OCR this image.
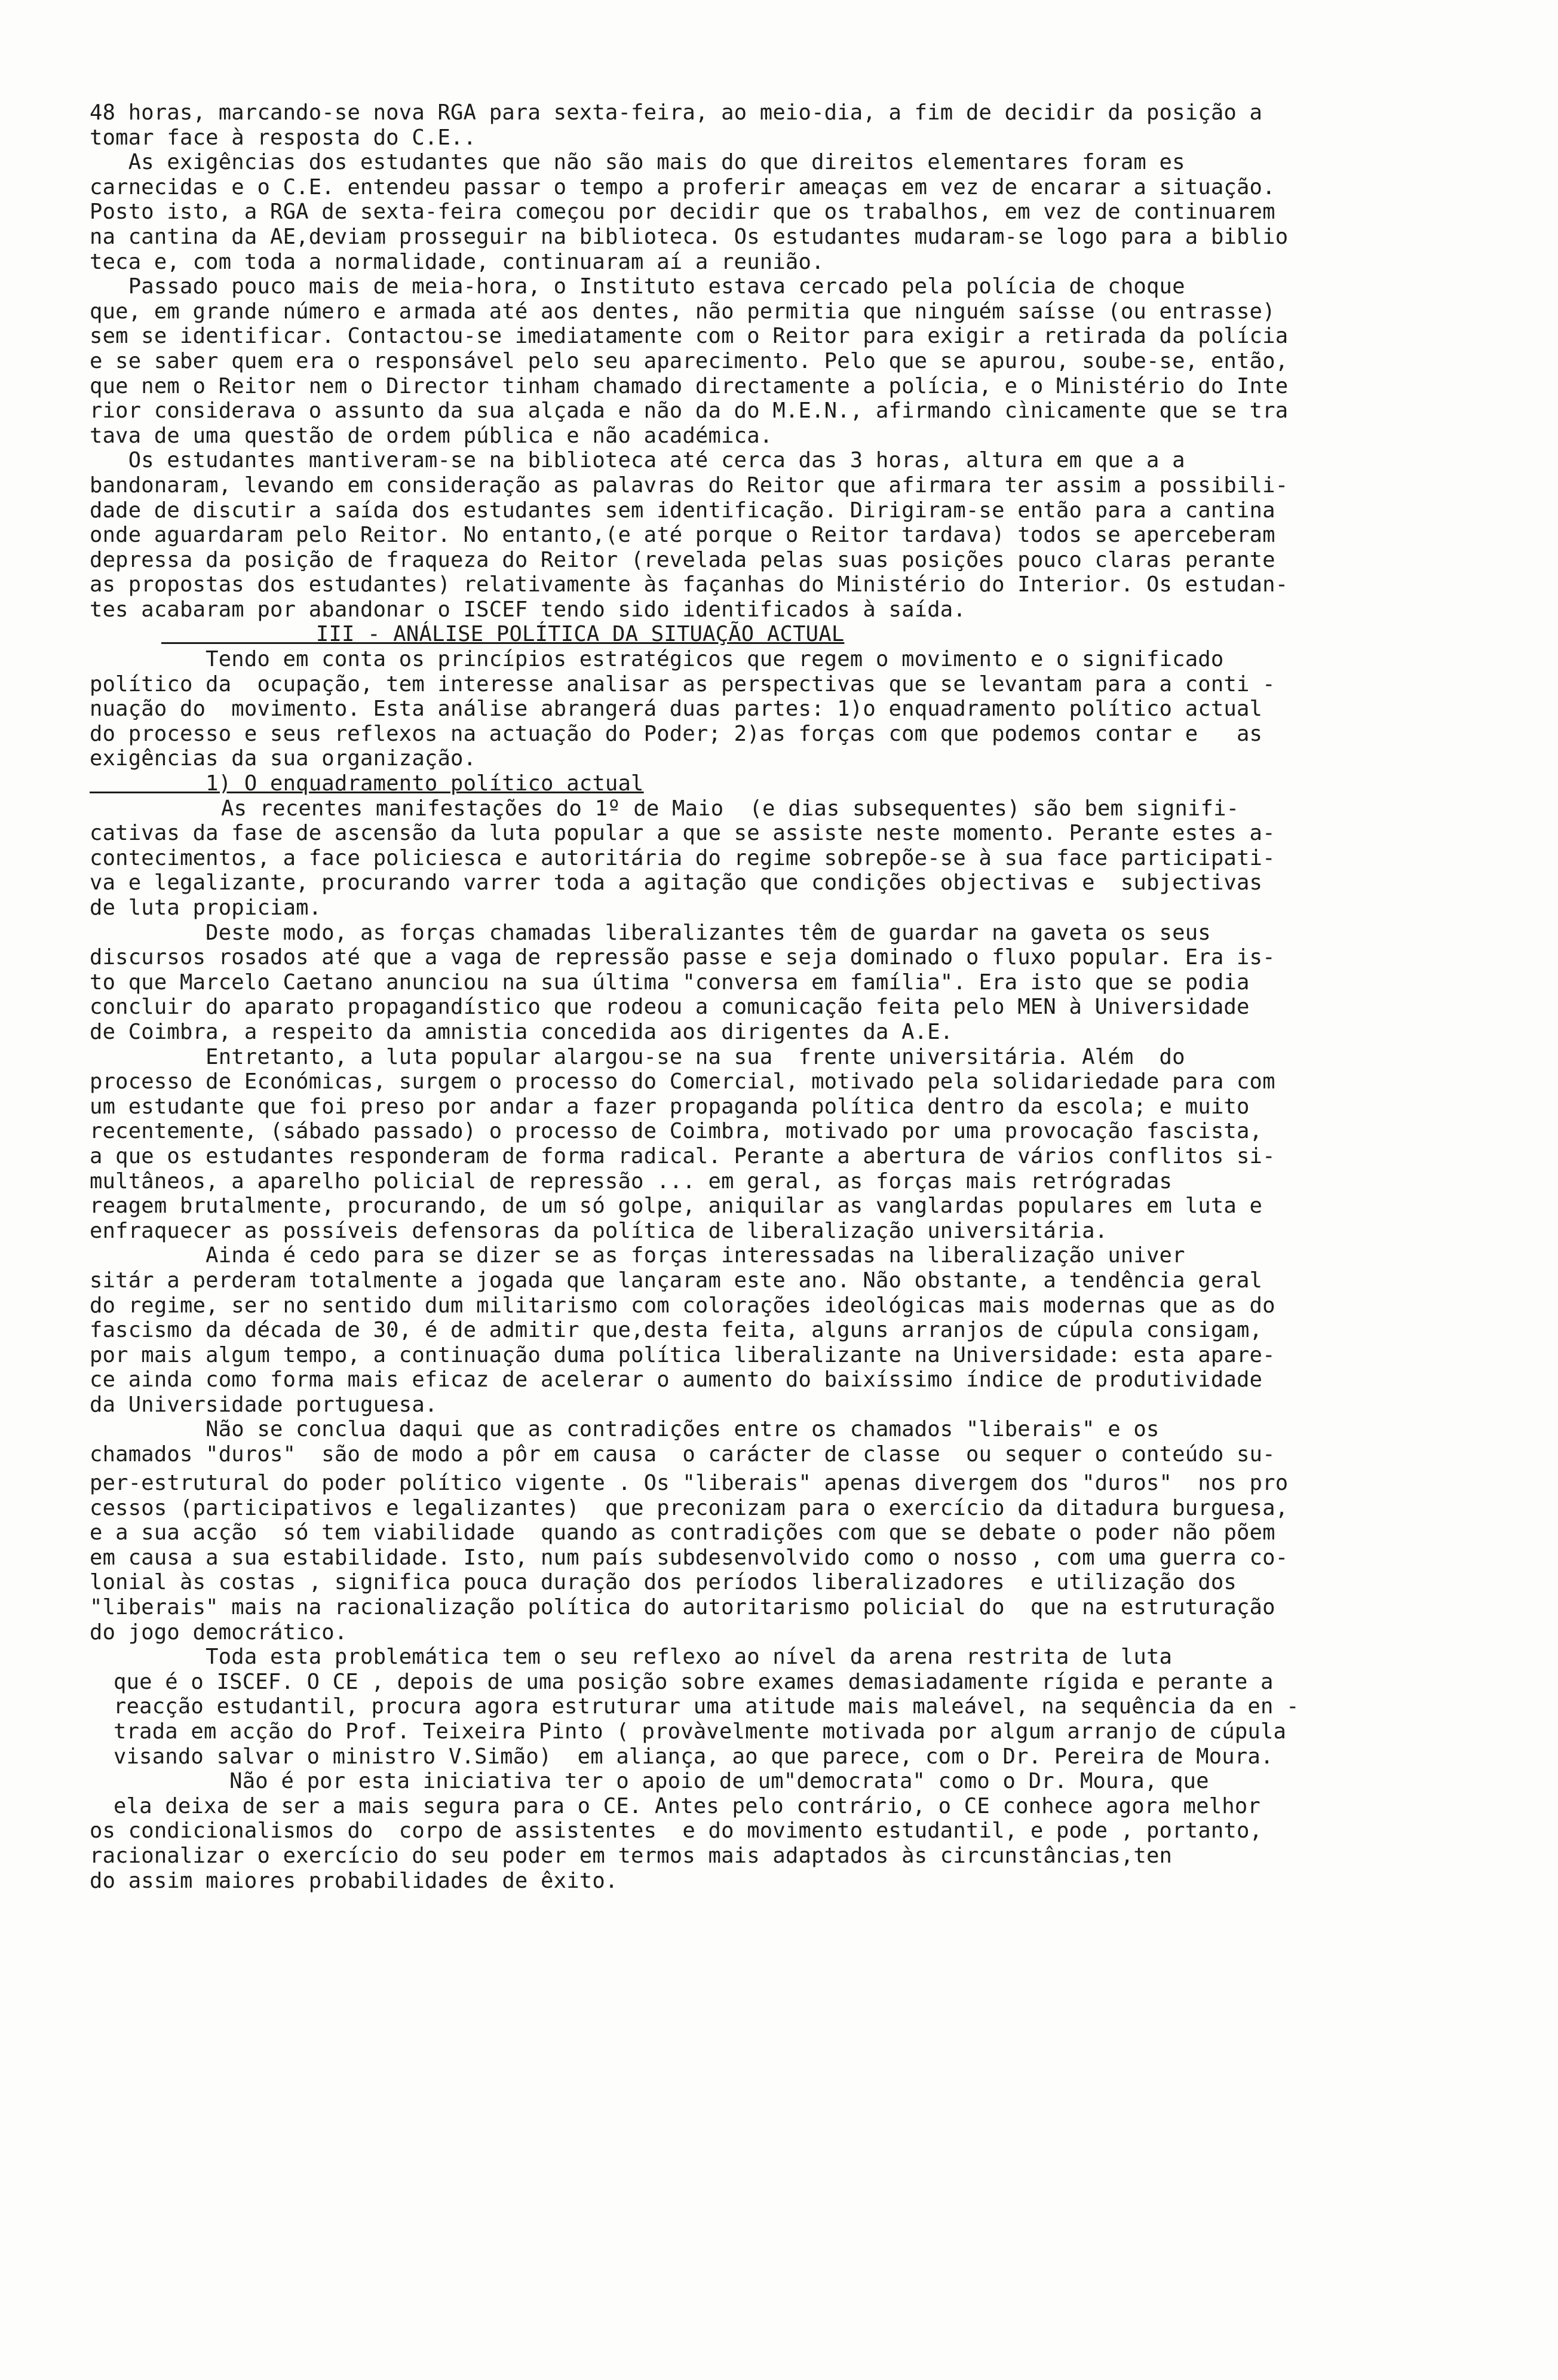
48 horas, marcando-se nova RGA para sexta-feira, ao meio-dia, a fim de decidir da posição a
tomar face à resposta do C.E..
As exigências dos estudantes que não são mais do que direitos elementares foram es
carnecidas e o C.E. entendeu passar o tempo a proferir ameaças em vez de encarar a situação.
Posto isto, a RGA de sexta-feira começou por decidir que os trabalhos, em vez de continuarem
na cantina da AE,deviam prosseguir na biblioteca. Os estudantes mudaram-se logo para a biblio
teca e, com toda a normalidade, continuaram aí a reunião.
Passado pouco mais de meia-hora, o Instituto estava cercado pela polícia de choque
que, em grande número e armada até aos dentes, não permitia que ninguém saísse (ou entrasse)
sem se identificar. Contactou-se imediatamente com o Reitor para exigir a retirada da polícia
e se saber quem era o responsável pelo seu aparecimento. Pelo que se apurou, soube-se, então,
que nem o Reitor nem o Director tinham chamado directamente a polícia, e o Ministério do Inte
rior considerava o assunto da sua alçada e não da do M.E.N., afirmando cìnicamente que se tra
tava de uma questão de ordem pública e não académica.
Os estudantes mantiveram-se na biblioteca até cerca das 3 horas, altura em que a a
bandonaram, levando em consideração as palavras do Reitor que afirmara ter assim a possibili-
dade de discutir a saída dos estudantes sem identificação. Dirigiram-se então para a cantina
onde aguardaram pelo Reitor. No entanto,(e até porque o Reitor tardava) todos se aperceberam
depressa da posição de fraqueza do Reitor (revelada pelas suas posições pouco claras perante
as propostas dos estudantes) relativamente às façanhas do Ministério do Interior. Os estudan-
tes acabaram por abandonar o ISCEF tendo sido identificados à saída.
III - ANÁLISE POLÍTICA DA SITUAÇÃO ACTUAL
Tendo em conta os princípios estratégicos que regem o movimento e o significado
político da  ocupação, tem interesse analisar as perspectivas que se levantam para a conti -
nuação do  movimento. Esta análise abrangerá duas partes: 1)o enquadramento político actual
do processo e seus reflexos na actuação do Poder; 2)as forças com que podemos contar e   as
exigências da sua organização.
1) O enquadramento político actual
As recentes manifestações do 1º de Maio  (e dias subsequentes) são bem signifi-
cativas da fase de ascensão da luta popular a que se assiste neste momento. Perante estes a-
contecimentos, a face policiesca e autoritária do regime sobrepõe-se à sua face participati-
va e legalizante, procurando varrer toda a agitação que condições objectivas e  subjectivas
de luta propiciam.
Deste modo, as forças chamadas liberalizantes têm de guardar na gaveta os seus
discursos rosados até que a vaga de repressão passe e seja dominado o fluxo popular. Era is-
to que Marcelo Caetano anunciou na sua última "conversa em família". Era isto que se podia
concluir do aparato propagandístico que rodeou a comunicação feita pelo MEN à Universidade
de Coimbra, a respeito da amnistia concedida aos dirigentes da A.E.
Entretanto, a luta popular alargou-se na sua  frente universitária. Além  do
processo de Económicas, surgem o processo do Comercial, motivado pela solidariedade para com
um estudante que foi preso por andar a fazer propaganda política dentro da escola; e muito
recentemente, (sábado passado) o processo de Coimbra, motivado por uma provocação fascista,
a que os estudantes responderam de forma radical. Perante a abertura de vários conflitos si-
multâneos, a aparelho policial de repressão ... em geral, as forças mais retrógradas
reagem brutalmente, procurando, de um só golpe, aniquilar as vanglardas populares em luta e
enfraquecer as possíveis defensoras da política de liberalização universitária.
Ainda é cedo para se dizer se as forças interessadas na liberalização univer
sitár a perderam totalmente a jogada que lançaram este ano. Não obstante, a tendência geral
do regime, ser no sentido dum militarismo com colorações ideológicas mais modernas que as do
fascismo da década de 30, é de admitir que,desta feita, alguns arranjos de cúpula consigam,
por mais algum tempo, a continuação duma política liberalizante na Universidade: esta apare-
ce ainda como forma mais eficaz de acelerar o aumento do baixíssimo índice de produtividade
da Universidade portuguesa.
Não se conclua daqui que as contradições entre os chamados "liberais" e os
chamados "duros"  são de modo a pôr em causa  o carácter de classe  ou sequer o conteúdo su-
per-estrutural do poder político vigente . Os "liberais" apenas divergem dos "duros"  nos pro
cessos (participativos e legalizantes)  que preconizam para o exercício da ditadura burguesa,
e a sua acção  só tem viabilidade  quando as contradições com que se debate o poder não põem
em causa a sua estabilidade. Isto, num país subdesenvolvido como o nosso , com uma guerra co-
lonial às costas , significa pouca duração dos períodos liberalizadores  e utilização dos
"liberais" mais na racionalização política do autoritarismo policial do  que na estruturação
do jogo democrático.
Toda esta problemática tem o seu reflexo ao nível da arena restrita de luta
que é o ISCEF. O CE , depois de uma posição sobre exames demasiadamente rígida e perante a
reacção estudantil, procura agora estruturar uma atitude mais maleável, na sequência da en -
trada em acção do Prof. Teixeira Pinto ( provàvelmente motivada por algum arranjo de cúpula
visando salvar o ministro V.Simão)  em aliança, ao que parece, com o Dr. Pereira de Moura.
Não é por esta iniciativa ter o apoio de um"democrata" como o Dr. Moura, que
ela deixa de ser a mais segura para o CE. Antes pelo contrário, o CE conhece agora melhor
os condicionalismos do  corpo de assistentes  e do movimento estudantil, e pode , portanto,
racionalizar o exercício do seu poder em termos mais adaptados às circunstâncias,ten
do assim maiores probabilidades de êxito.
